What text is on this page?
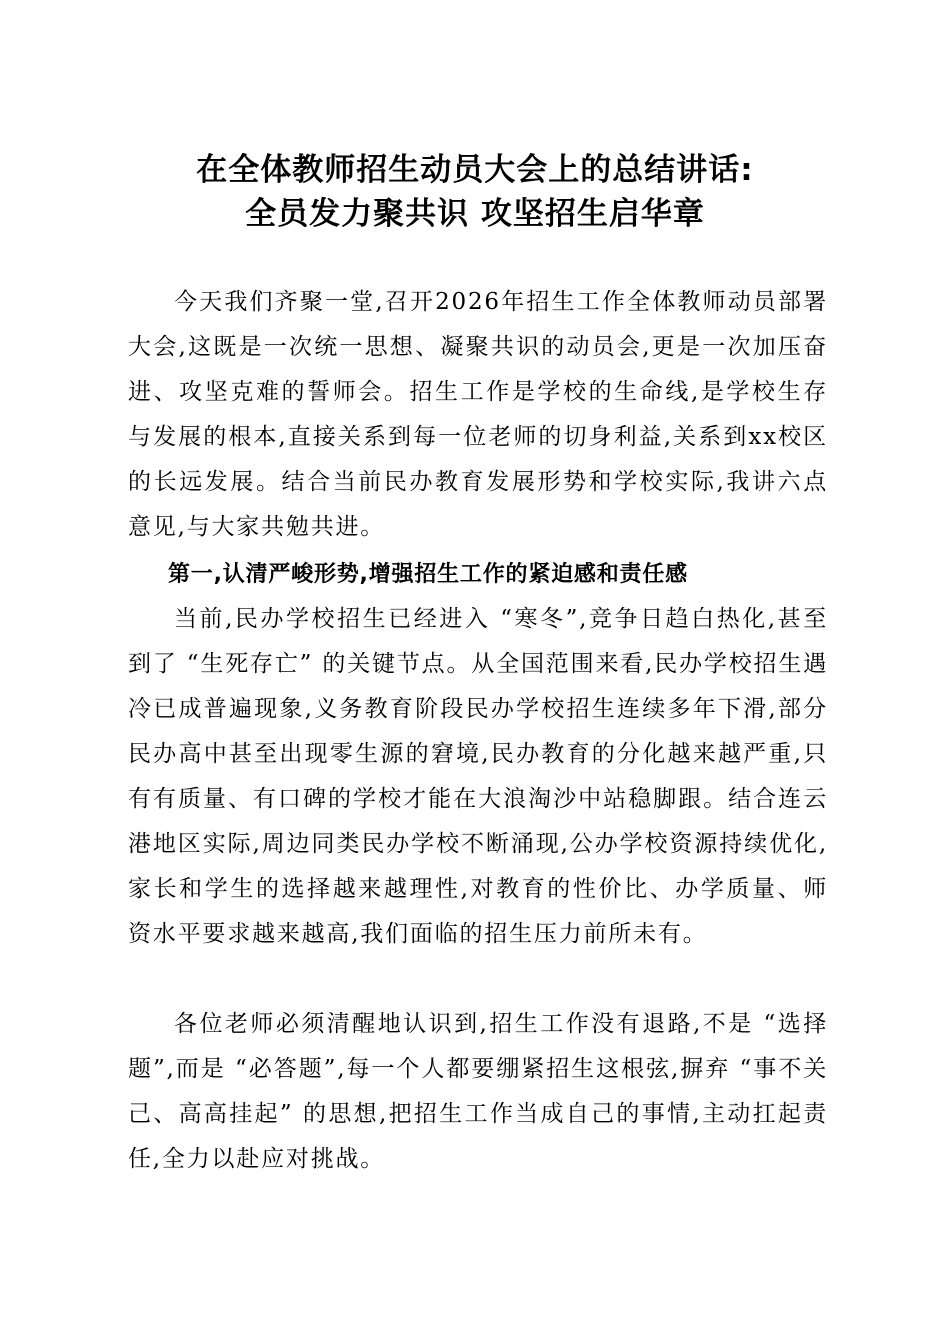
在全体教师招生动员大会上的总结讲话:
全员发力聚共识 攻坚招生启华章

今天我们齐聚一堂,召开2026年招生工作全体教师动员部署大会,这既是一次统一思想、凝聚共识的动员会,更是一次加压奋进、攻坚克难的誓师会。招生工作是学校的生命线,是学校生存与发展的根本,直接关系到每一位老师的切身利益,关系到xx校区的长远发展。结合当前民办教育发展形势和学校实际,我讲六点意见,与大家共勉共进。

第一,认清严峻形势,增强招生工作的紧迫感和责任感

当前,民办学校招生已经进入 “寒冬”,竞争日趋白热化,甚至到了 “生死存亡” 的关键节点。从全国范围来看,民办学校招生遇冷已成普遍现象,义务教育阶段民办学校招生连续多年下滑,部分民办高中甚至出现零生源的窘境,民办教育的分化越来越严重,只有有质量、有口碑的学校才能在大浪淘沙中站稳脚跟。结合连云港地区实际,周边同类民办学校不断涌现,公办学校资源持续优化,家长和学生的选择越来越理性,对教育的性价比、办学质量、师资水平要求越来越高,我们面临的招生压力前所未有。

各位老师必须清醒地认识到,招生工作没有退路,不是 “选择题”,而是 “必答题”,每一个人都要绷紧招生这根弦,摒弃 “事不关己、高高挂起” 的思想,把招生工作当成自己的事情,主动扛起责任,全力以赴应对挑战。
